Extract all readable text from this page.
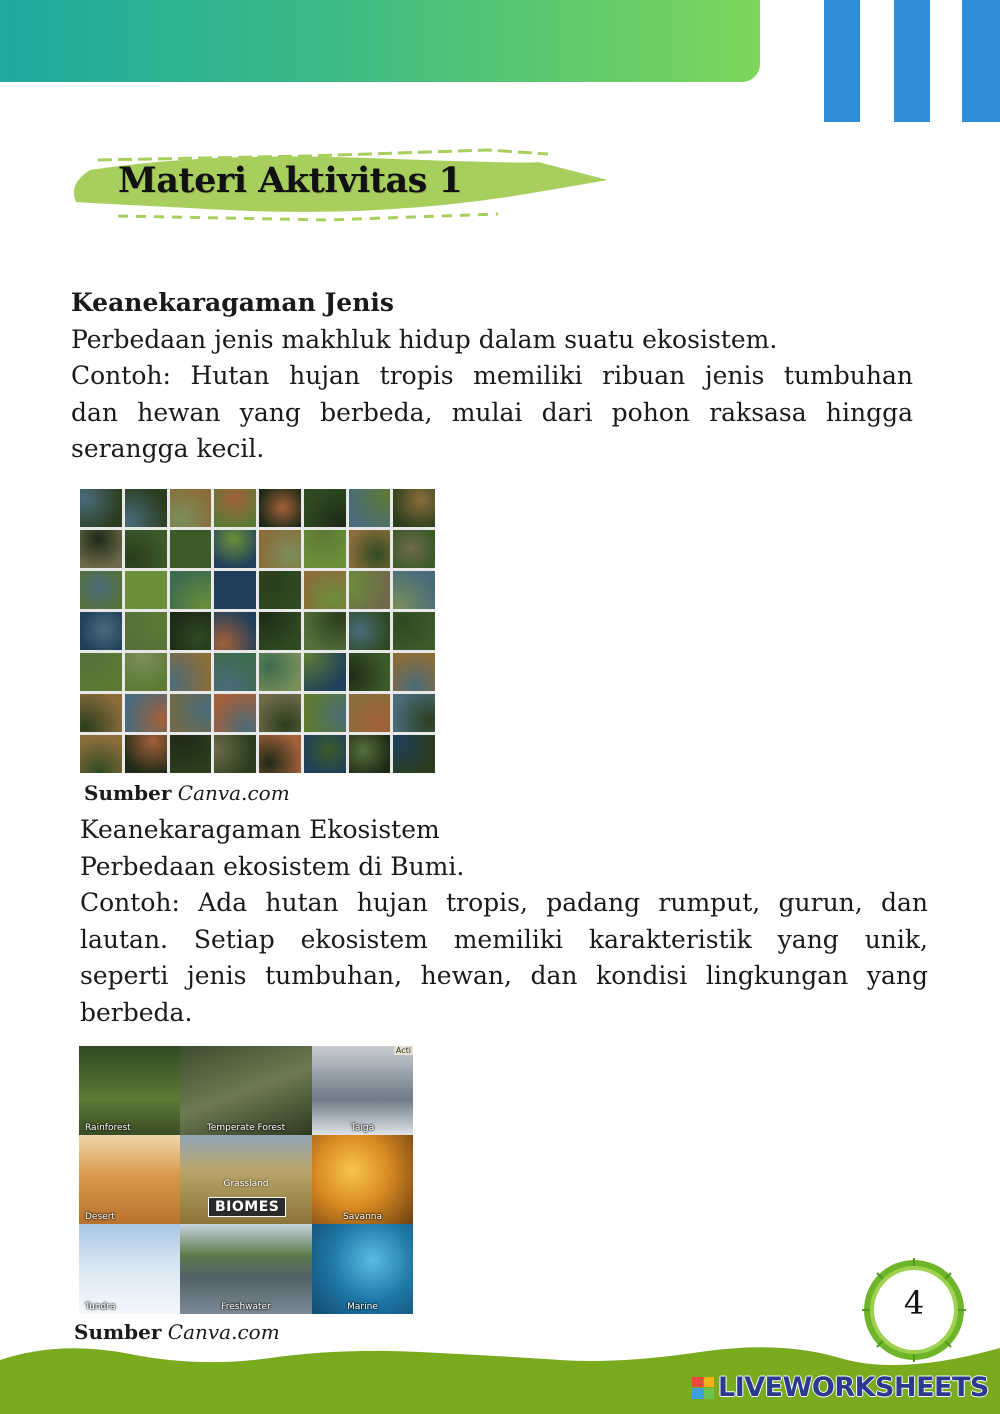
Materi Aktivitas 1
Keanekaragaman Jenis
Perbedaan jenis makhluk hidup dalam suatu ekosistem.
Contoh: Hutan hujan tropis memiliki ribuan jenis tumbuhan
dan hewan yang berbeda, mulai dari pohon raksasa hingga
serangga kecil.

Sumber Canva.com

Keanekaragaman Ekosistem
Perbedaan ekosistem di Bumi.
Contoh: Ada hutan hujan tropis, padang rumput, gurun, dan
lautan. Setiap ekosistem memiliki karakteristik yang unik,
seperti jenis tumbuhan, hewan, dan kondisi lingkungan yang
berbeda.
Rainforest	Temperate Forest
Acti
Taiga
Desert
Grassland
BIOMES
Savanna
Tundra	Freshwater	Marine

Sumber Canva.com

4

LIVEWORKSHEETS
